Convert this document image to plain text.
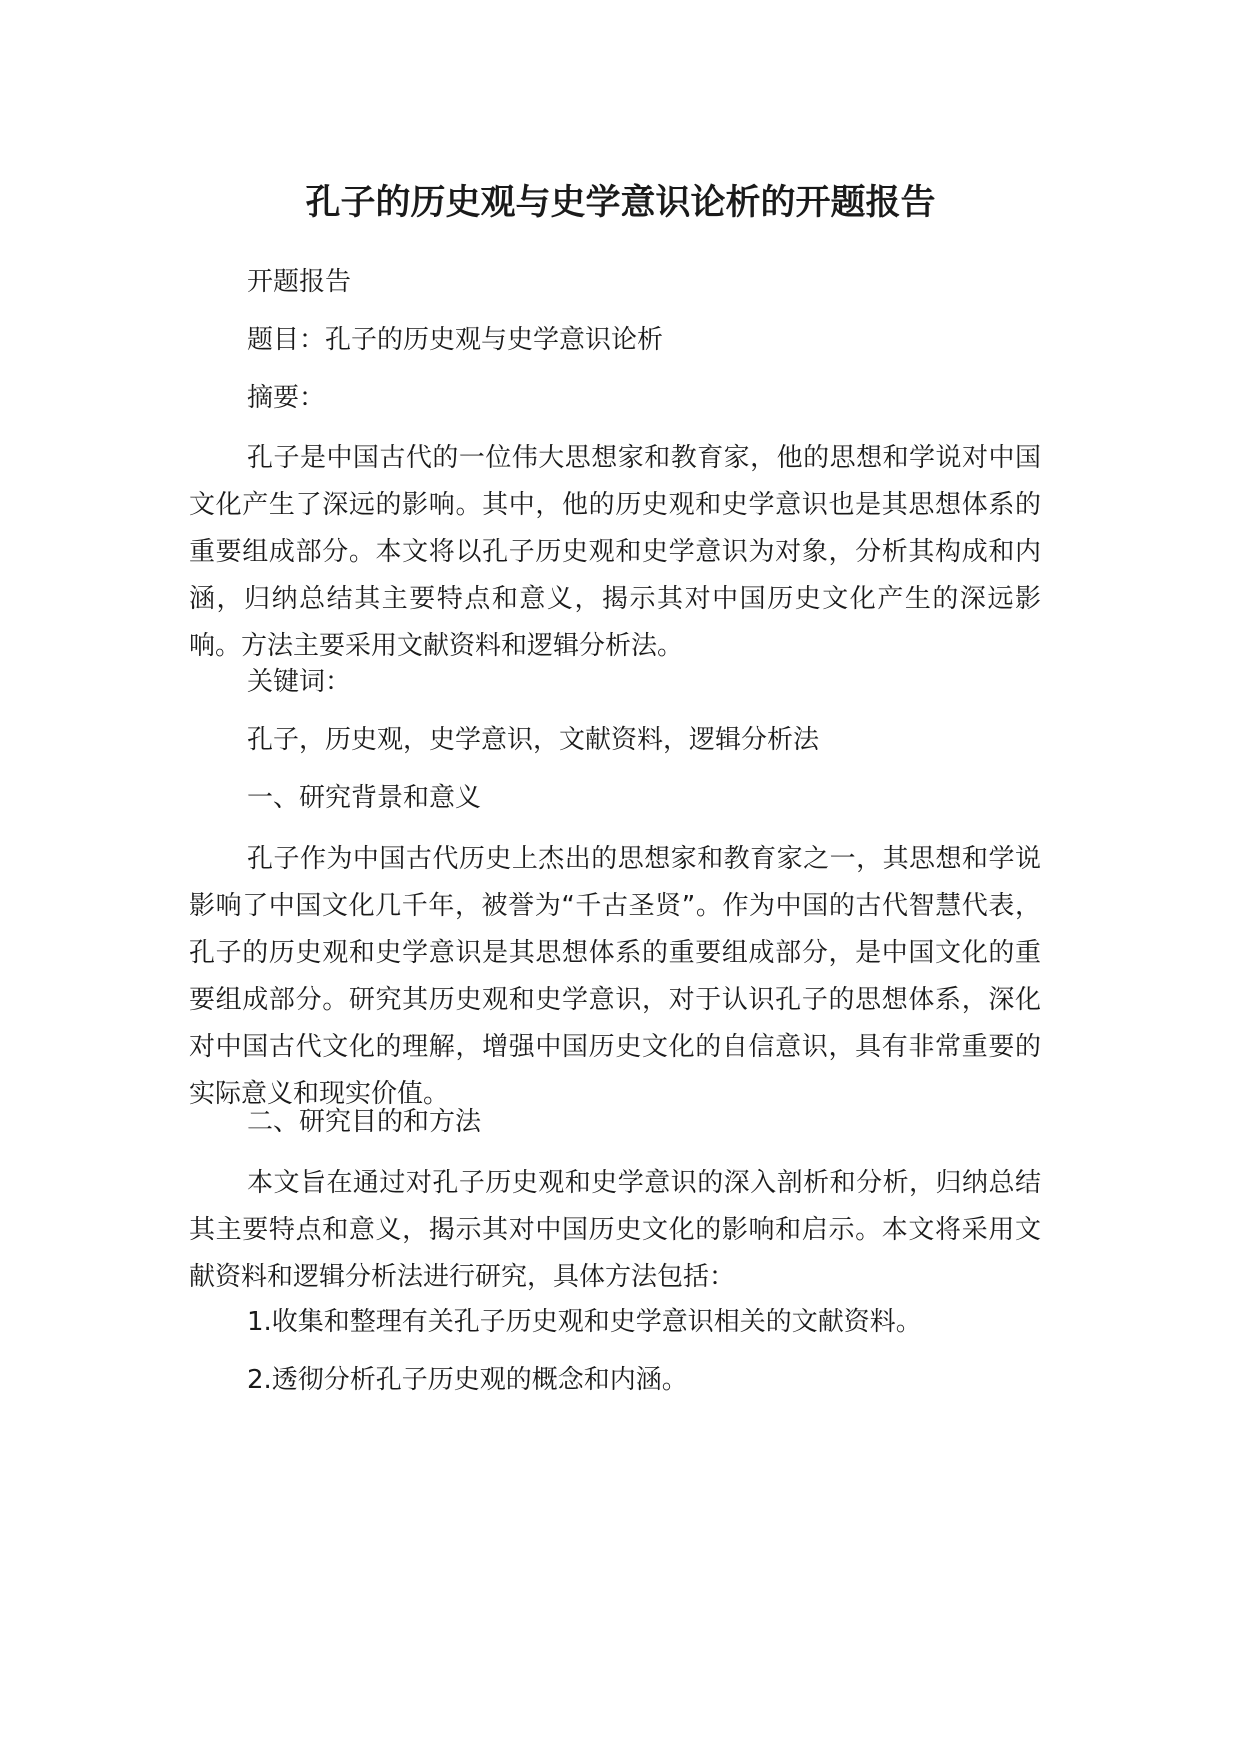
孔子的历史观与史学意识论析的开题报告
开题报告
题目：孔子的历史观与史学意识论析
摘要：
孔子是中国古代的一位伟大思想家和教育家，他的思想和学说对中国文化产生了深远的影响。其中，他的历史观和史学意识也是其思想体系的重要组成部分。本文将以孔子历史观和史学意识为对象，分析其构成和内涵，归纳总结其主要特点和意义，揭示其对中国历史文化产生的深远影响。方法主要采用文献资料和逻辑分析法。
关键词：
孔子，历史观，史学意识，文献资料，逻辑分析法
一、研究背景和意义
孔子作为中国古代历史上杰出的思想家和教育家之一，其思想和学说影响了中国文化几千年，被誉为“千古圣贤”。作为中国的古代智慧代表，孔子的历史观和史学意识是其思想体系的重要组成部分，是中国文化的重要组成部分。研究其历史观和史学意识，对于认识孔子的思想体系，深化对中国古代文化的理解，增强中国历史文化的自信意识，具有非常重要的实际意义和现实价值。
二、研究目的和方法
本文旨在通过对孔子历史观和史学意识的深入剖析和分析，归纳总结其主要特点和意义，揭示其对中国历史文化的影响和启示。本文将采用文献资料和逻辑分析法进行研究，具体方法包括：
1.收集和整理有关孔子历史观和史学意识相关的文献资料。
2.透彻分析孔子历史观的概念和内涵。
